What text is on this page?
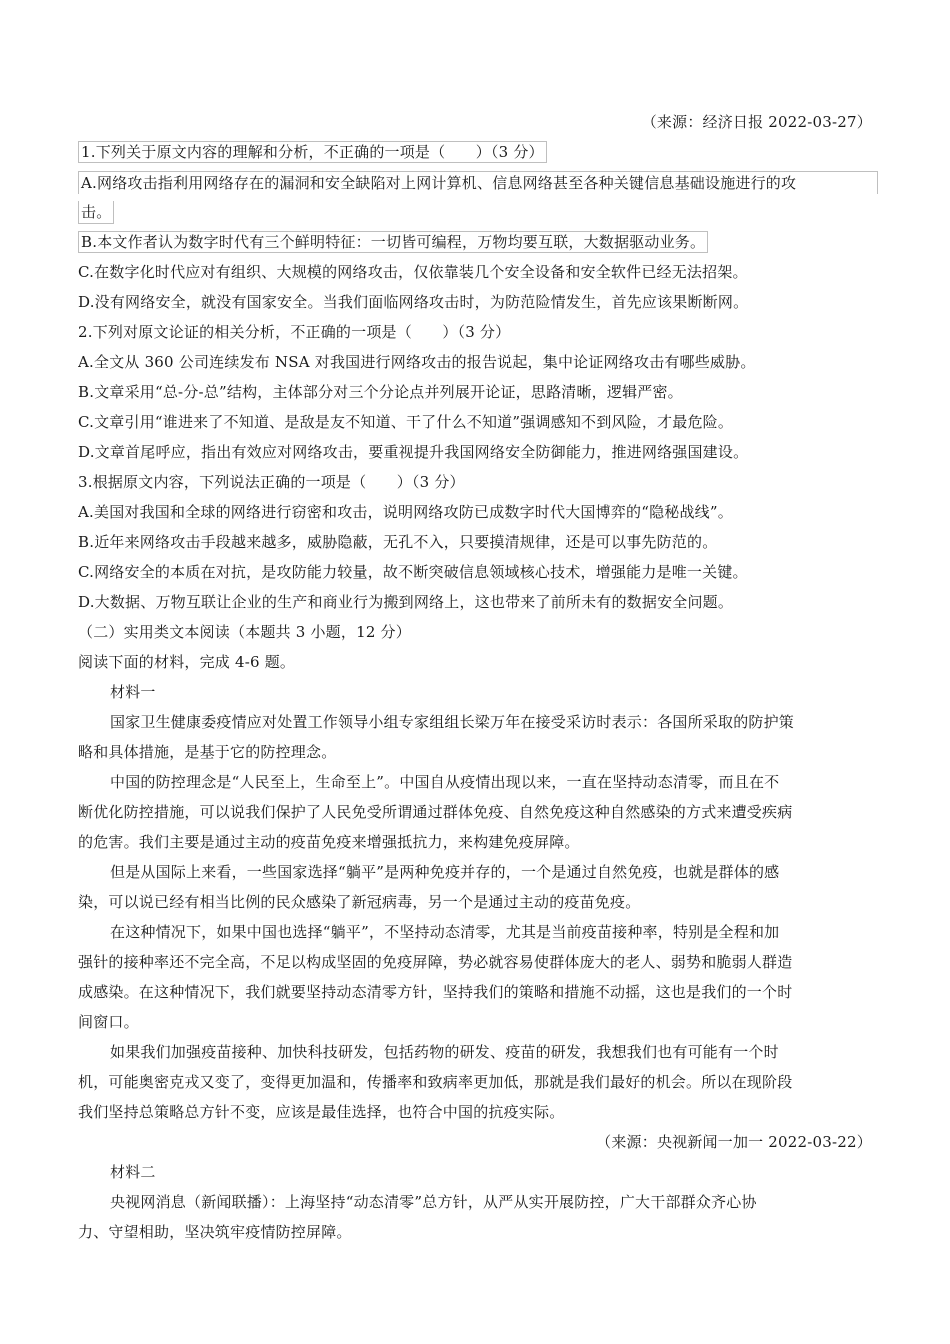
（来源：经济日报 2022-03-27）
1.下列关于原文内容的理解和分析，不正确的一项是（　　）（3 分）
A.网络攻击指利用网络存在的漏洞和安全缺陷对上网计算机、信息网络甚至各种关键信息基础设施进行的攻
击。
B.本文作者认为数字时代有三个鲜明特征：一切皆可编程，万物均要互联，大数据驱动业务。
C.在数字化时代应对有组织、大规模的网络攻击，仅依靠装几个安全设备和安全软件已经无法招架。
D.没有网络安全，就没有国家安全。当我们面临网络攻击时，为防范险情发生，首先应该果断断网。
2.下列对原文论证的相关分析，不正确的一项是（　　）（3 分）
A.全文从 360 公司连续发布 NSA 对我国进行网络攻击的报告说起，集中论证网络攻击有哪些威胁。
B.文章采用“总-分-总”结构，主体部分对三个分论点并列展开论证，思路清晰，逻辑严密。
C.文章引用“谁进来了不知道、是敌是友不知道、干了什么不知道”强调感知不到风险，才最危险。
D.文章首尾呼应，指出有效应对网络攻击，要重视提升我国网络安全防御能力，推进网络强国建设。
3.根据原文内容，下列说法正确的一项是（　　）（3 分）
A.美国对我国和全球的网络进行窃密和攻击，说明网络攻防已成数字时代大国博弈的“隐秘战线”。
B.近年来网络攻击手段越来越多，威胁隐蔽，无孔不入，只要摸清规律，还是可以事先防范的。
C.网络安全的本质在对抗，是攻防能力较量，故不断突破信息领域核心技术，增强能力是唯一关键。
D.大数据、万物互联让企业的生产和商业行为搬到网络上，这也带来了前所未有的数据安全问题。
（二）实用类文本阅读（本题共 3 小题，12 分）
阅读下面的材料，完成 4-6 题。
材料一
国家卫生健康委疫情应对处置工作领导小组专家组组长梁万年在接受采访时表示：各国所采取的防护策
略和具体措施，是基于它的防控理念。
中国的防控理念是“人民至上，生命至上”。中国自从疫情出现以来，一直在坚持动态清零，而且在不
断优化防控措施，可以说我们保护了人民免受所谓通过群体免疫、自然免疫这种自然感染的方式来遭受疾病
的危害。我们主要是通过主动的疫苗免疫来增强抵抗力，来构建免疫屏障。
但是从国际上来看，一些国家选择“躺平”是两种免疫并存的，一个是通过自然免疫，也就是群体的感
染，可以说已经有相当比例的民众感染了新冠病毒，另一个是通过主动的疫苗免疫。
在这种情况下，如果中国也选择“躺平”，不坚持动态清零，尤其是当前疫苗接种率，特别是全程和加
强针的接种率还不完全高，不足以构成坚固的免疫屏障，势必就容易使群体庞大的老人、弱势和脆弱人群造
成感染。在这种情况下，我们就要坚持动态清零方针，坚持我们的策略和措施不动摇，这也是我们的一个时
间窗口。
如果我们加强疫苗接种、加快科技研发，包括药物的研发、疫苗的研发，我想我们也有可能有一个时
机，可能奥密克戎又变了，变得更加温和，传播率和致病率更加低，那就是我们最好的机会。所以在现阶段
我们坚持总策略总方针不变，应该是最佳选择，也符合中国的抗疫实际。
（来源：央视新闻一加一 2022-03-22）
材料二
央视网消息（新闻联播）：上海坚持“动态清零”总方针，从严从实开展防控，广大干部群众齐心协
力、守望相助，坚决筑牢疫情防控屏障。
